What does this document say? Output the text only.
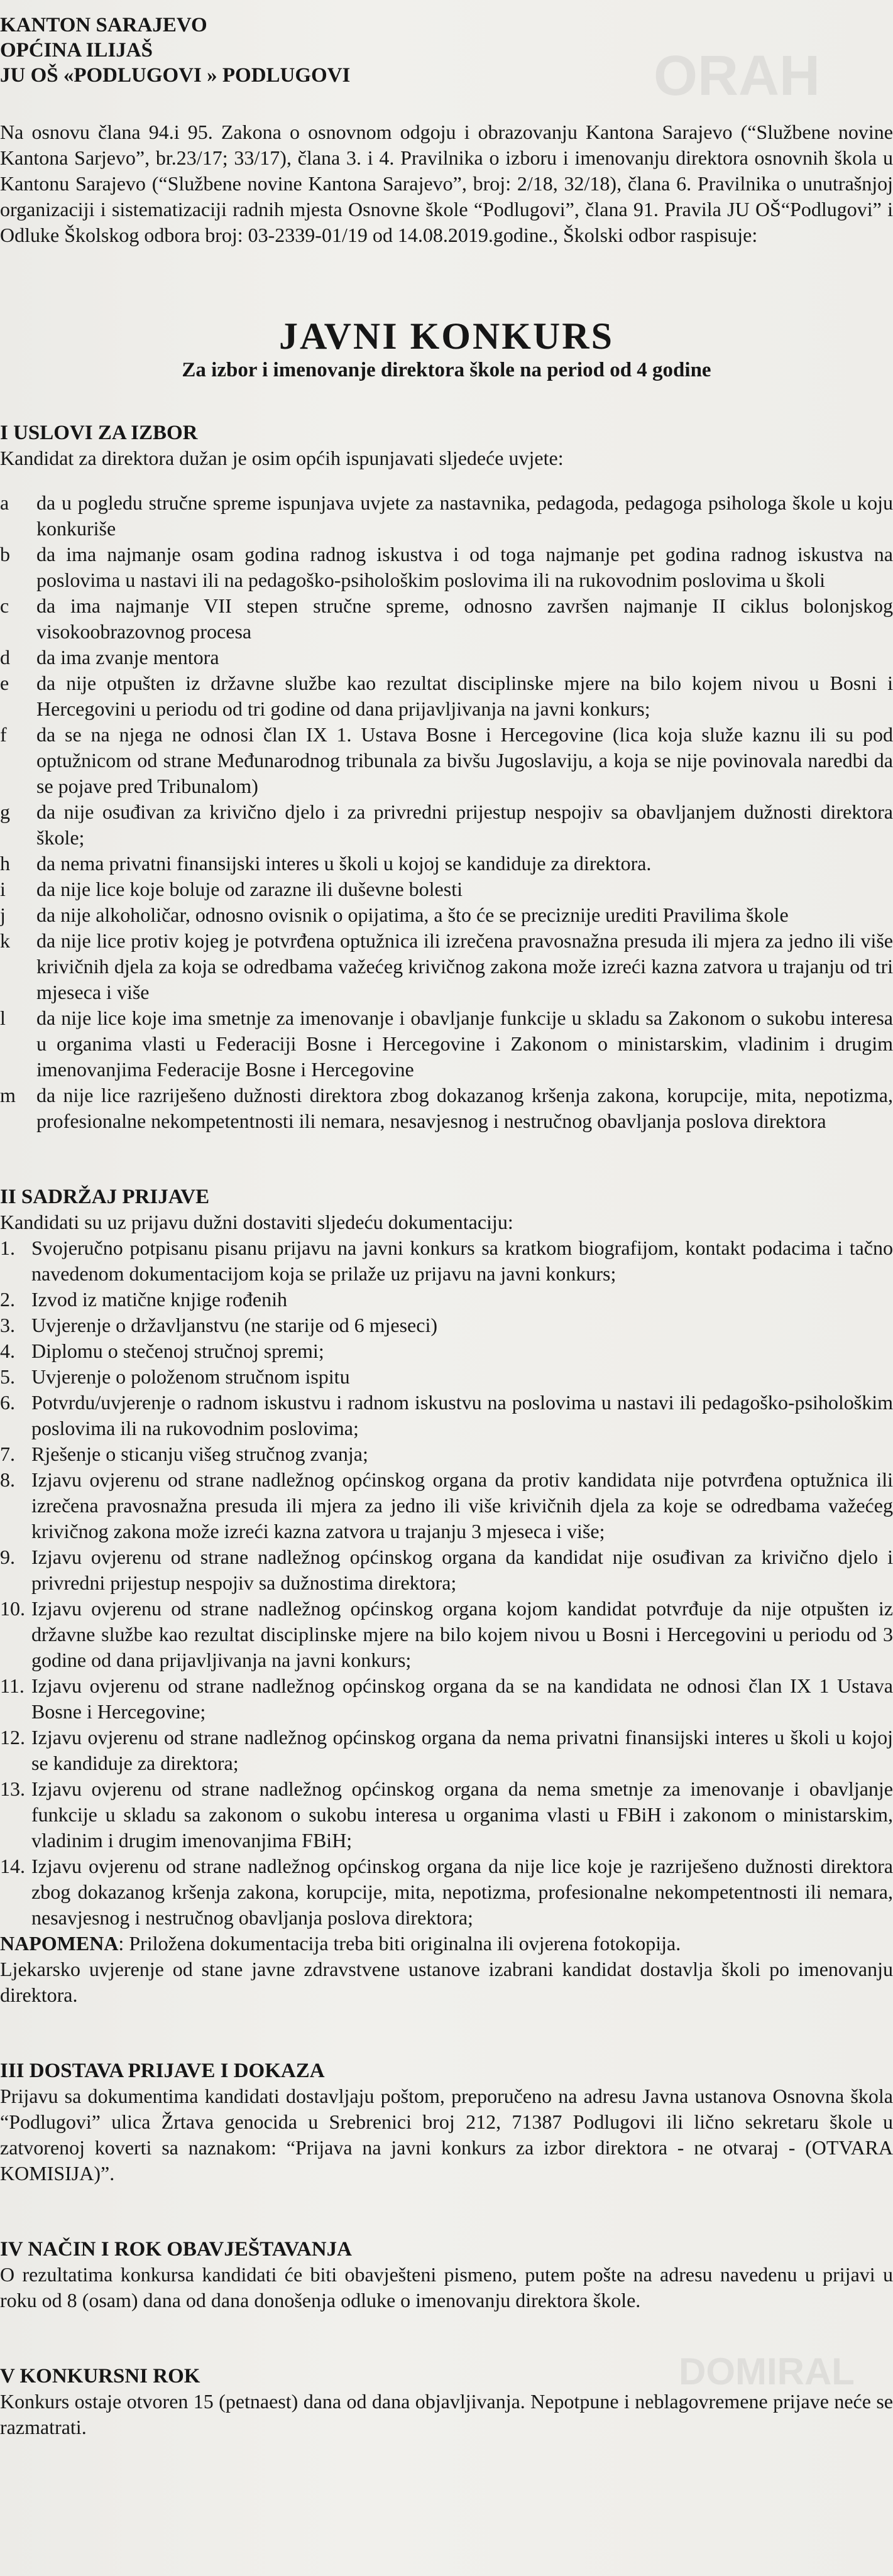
ORAH
DOMIRAL
KANTON SARAJEVO
OPĆINA ILIJAŠ
JU OŠ «PODLUGOVI » PODLUGOVI

Na osnovu člana 94.i 95. Zakona o osnovnom odgoju i obrazovanju Kantona Sarajevo (“Službene novine Kantona Sarjevo”, br.23/17; 33/17), člana 3. i 4. Pravilnika o izboru i imenovanju direktora osnovnih škola u Kantonu Sarajevo (“Službene novine Kantona Sarajevo”, broj: 2/18, 32/18), člana 6. Pravilnika o unutrašnjoj organizaciji i sistematizaciji radnih mjesta Osnovne škole “Podlugovi”, člana 91. Pravila JU OŠ“Podlugovi” i Odluke Školskog odbora broj: 03-2339-01/19 od 14.08.2019.godine., Školski odbor raspisuje:

JAVNI KONKURS
Za izbor i imenovanje direktora škole na period od 4 godine
I USLOVI ZA IZBOR

Kandidat za direktora dužan je osim općih ispunjavati sljedeće uvjete:

a	da u pogledu stručne spreme ispunjava uvjete za nastavnika, pedagoda, pedagoga psihologa škole u koju konkuriše
b	da ima najmanje osam godina radnog iskustva i od toga najmanje pet godina radnog iskustva na poslovima u nastavi ili na pedagoško-psihološkim poslovima ili na rukovodnim poslovima u školi
c	da ima najmanje VII stepen stručne spreme, odnosno završen najmanje II ciklus bolonjskog visokoobrazovnog procesa
d	da ima zvanje mentora
e	da nije otpušten iz državne službe kao rezultat disciplinske mjere na bilo kojem nivou u Bosni i Hercegovini u periodu od tri godine od dana prijavljivanja na javni konkurs;
f	da se na njega ne odnosi član IX 1. Ustava Bosne i Hercegovine (lica koja služe kaznu ili su pod optužnicom od strane Međunarodnog tribunala za bivšu Jugoslaviju, a koja se nije povinovala naredbi da se pojave pred Tribunalom)
g	da nije osuđivan za krivično djelo i za privredni prijestup nespojiv sa obavljanjem dužnosti direktora škole;
h	da nema privatni finansijski interes u školi u kojoj se kandiduje za direktora.
i	da nije lice koje boluje od zarazne ili duševne bolesti
j	da nije alkoholičar, odnosno ovisnik o opijatima, a što će se preciznije urediti Pravilima škole
k	da nije lice protiv kojeg je potvrđena optužnica ili izrečena pravosnažna presuda ili mjera za jedno ili više krivičnih djela za koja se odredbama važećeg krivičnog zakona može izreći kazna zatvora u trajanju od tri mjeseca i više
l	da nije lice koje ima smetnje za imenovanje i obavljanje funkcije u skladu sa Zakonom o sukobu interesa u organima vlasti u Federaciji Bosne i Hercegovine i Zakonom o ministarskim, vladinim i drugim imenovanjima Federacije Bosne i Hercegovine
m	da nije lice razriješeno dužnosti direktora zbog dokazanog kršenja zakona, korupcije, mita, nepotizma, profesionalne nekompetentnosti ili nemara, nesavjesnog i nestručnog obavljanja poslova direktora
II SADRŽAJ PRIJAVE

Kandidati su uz prijavu dužni dostaviti sljedeću dokumentaciju:

1. Svojeručno potpisanu pisanu prijavu na javni konkurs sa kratkom biografijom, kontakt podacima i tačno navedenom dokumentacijom koja se prilaže uz prijavu na javni konkurs;
2. Izvod iz matične knjige rođenih
3. Uvjerenje o državljanstvu (ne starije od 6 mjeseci)
4. Diplomu o stečenoj stručnoj spremi;
5. Uvjerenje o položenom stručnom ispitu
6. Potvrdu/uvjerenje o radnom iskustvu i radnom iskustvu na poslovima u nastavi ili pedagoško-psihološkim poslovima ili na rukovodnim poslovima;
7. Rješenje o sticanju višeg stručnog zvanja;
8. Izjavu ovjerenu od strane nadležnog općinskog organa da protiv kandidata nije potvrđena optužnica ili izrečena pravosnažna presuda ili mjera za jedno ili više krivičnih djela za koje se odredbama važećeg krivičnog zakona može izreći kazna zatvora u trajanju 3 mjeseca i više;
9. Izjavu ovjerenu od strane nadležnog općinskog organa da kandidat nije osuđivan za krivično djelo i privredni prijestup nespojiv sa dužnostima direktora;
10. Izjavu ovjerenu od strane nadležnog općinskog organa kojom kandidat potvrđuje da nije otpušten iz državne službe kao rezultat disciplinske mjere na bilo kojem nivou u Bosni i Hercegovini u periodu od 3 godine od dana prijavljivanja na javni konkurs;
11. Izjavu ovjerenu od strane nadležnog općinskog organa da se na kandidata ne odnosi član IX 1 Ustava Bosne i Hercegovine;
12. Izjavu ovjerenu od strane nadležnog općinskog organa da nema privatni finansijski interes u školi u kojoj se kandiduje za direktora;
13. Izjavu ovjerenu od strane nadležnog općinskog organa da nema smetnje za imenovanje i obavljanje funkcije u skladu sa zakonom o sukobu interesa u organima vlasti u FBiH i zakonom o ministarskim, vladinim i drugim imenovanjima FBiH;
14. Izjavu ovjerenu od strane nadležnog općinskog organa da nije lice koje je razriješeno dužnosti direktora zbog dokazanog kršenja zakona, korupcije, mita, nepotizma, profesionalne nekompetentnosti ili nemara, nesavjesnog i nestručnog obavljanja poslova direktora;

NAPOMENA: Priložena dokumentacija treba biti originalna ili ovjerena fotokopija.

Ljekarsko uvjerenje od stane javne zdravstvene ustanove izabrani kandidat dostavlja školi po imenovanju direktora.

III DOSTAVA PRIJAVE I DOKAZA

Prijavu sa dokumentima kandidati dostavljaju poštom, preporučeno na adresu Javna ustanova Osnovna škola “Podlugovi” ulica Žrtava genocida u Srebrenici broj 212, 71387 Podlugovi ili lično sekretaru škole u zatvorenoj koverti sa naznakom: “Prijava na javni konkurs za izbor direktora - ne otvaraj - (OTVARA KOMISIJA)”.

IV NAČIN I ROK OBAVJEŠTAVANJA

O rezultatima konkursa kandidati će biti obavješteni pismeno, putem pošte na adresu navedenu u prijavi u roku od 8 (osam) dana od dana donošenja odluke o imenovanju direktora škole.

V KONKURSNI ROK

Konkurs ostaje otvoren 15 (petnaest) dana od dana objavljivanja. Nepotpune i neblagovremene prijave neće se razmatrati.
